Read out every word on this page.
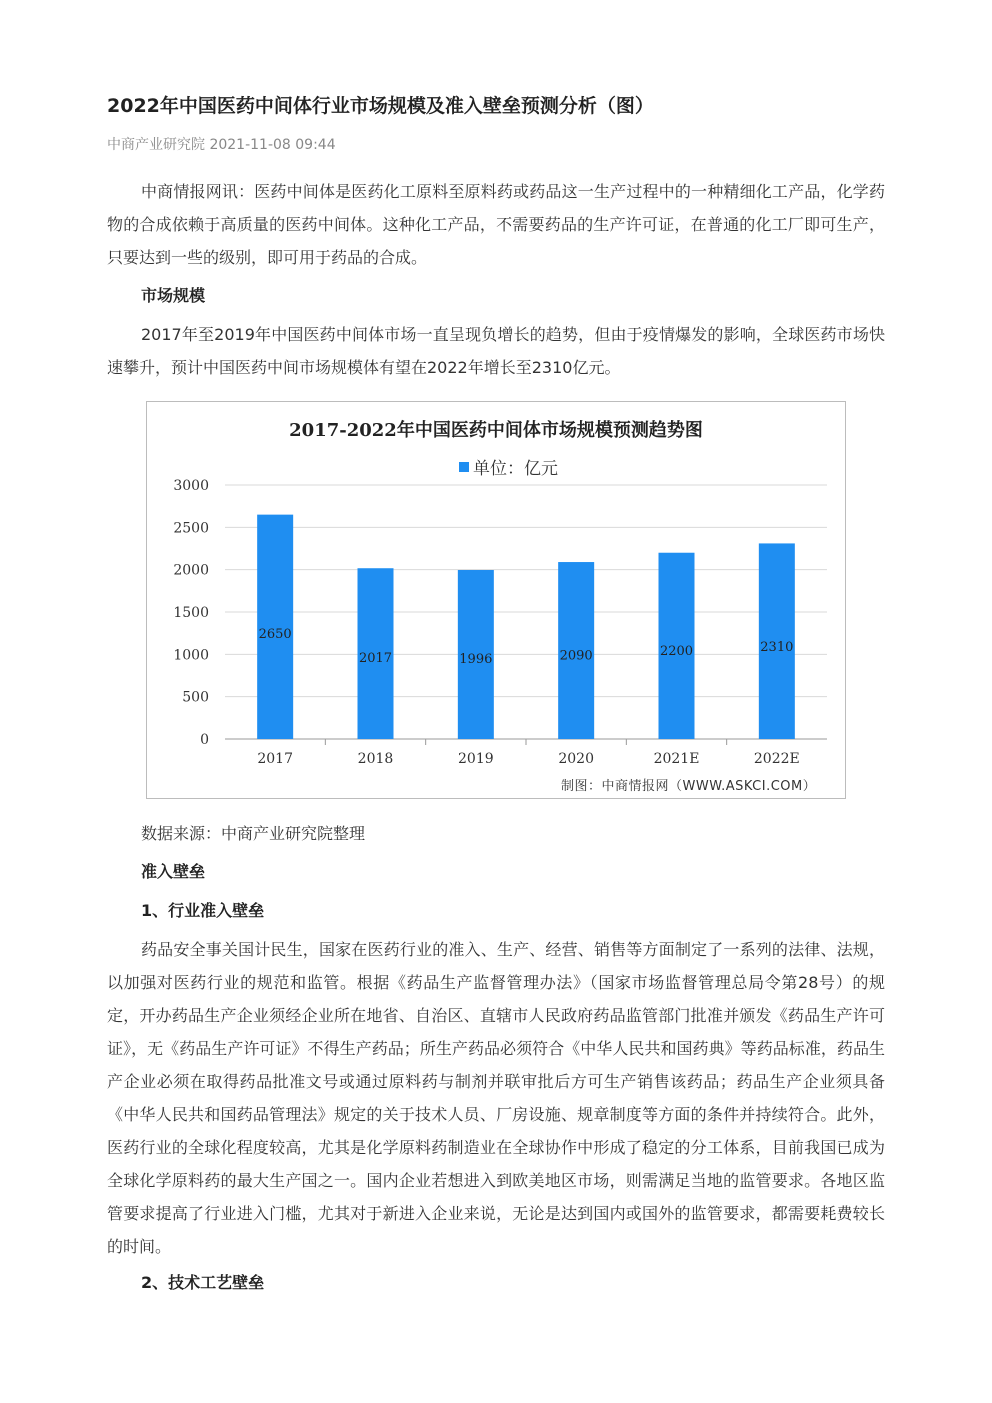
2022年中国医药中间体行业市场规模及准入壁垒预测分析（图）
中商产业研究院 2021-11-08 09:44

中商情报网讯：医药中间体是医药化工原料至原料药或药品这一生产过程中的一种精细化工产品，化学药物的合成依赖于高质量的医药中间体。这种化工产品，不需要药品的生产许可证，在普通的化工厂即可生产，只要达到一些的级别，即可用于药品的合成。

市场规模

2017年至2019年中国医药中间体市场一直呈现负增长的趋势，但由于疫情爆发的影响，全球医药市场快速攀升，预计中国医药中间市场规模体有望在2022年增长至2310亿元。

数据来源：中商产业研究院整理
准入壁垒
1、行业准入壁垒

药品安全事关国计民生，国家在医药行业的准入、生产、经营、销售等方面制定了一系列的法律、法规，以加强对医药行业的规范和监管。根据《药品生产监督管理办法》（国家市场监督管理总局令第28号）的规定，开办药品生产企业须经企业所在地省、自治区、直辖市人民政府药品监管部门批准并颁发《药品生产许可证》，无《药品生产许可证》不得生产药品；所生产药品必须符合《中华人民共和国药典》等药品标准，药品生产企业必须在取得药品批准文号或通过原料药与制剂并联审批后方可生产销售该药品；药品生产企业须具备《中华人民共和国药品管理法》规定的关于技术人员、厂房设施、规章制度等方面的条件并持续符合。此外，医药行业的全球化程度较高，尤其是化学原料药制造业在全球协作中形成了稳定的分工体系，目前我国已成为全球化学原料药的最大生产国之一。国内企业若想进入到欧美地区市场，则需满足当地的监管要求。各地区监管要求提高了行业进入门槛，尤其对于新进入企业来说，无论是达到国内或国外的监管要求，都需要耗费较长的时间。

2、技术工艺壁垒
2017-2022年中国医药中间体市场规模预测趋势图
单位：亿元
0
500
1000
1500
2000
2500
3000
2650
2017
2017
2018
1996
2019
2090
2020
2200
2021E
2310
2022E
制图：中商情报网（WWW.ASKCI.COM）
